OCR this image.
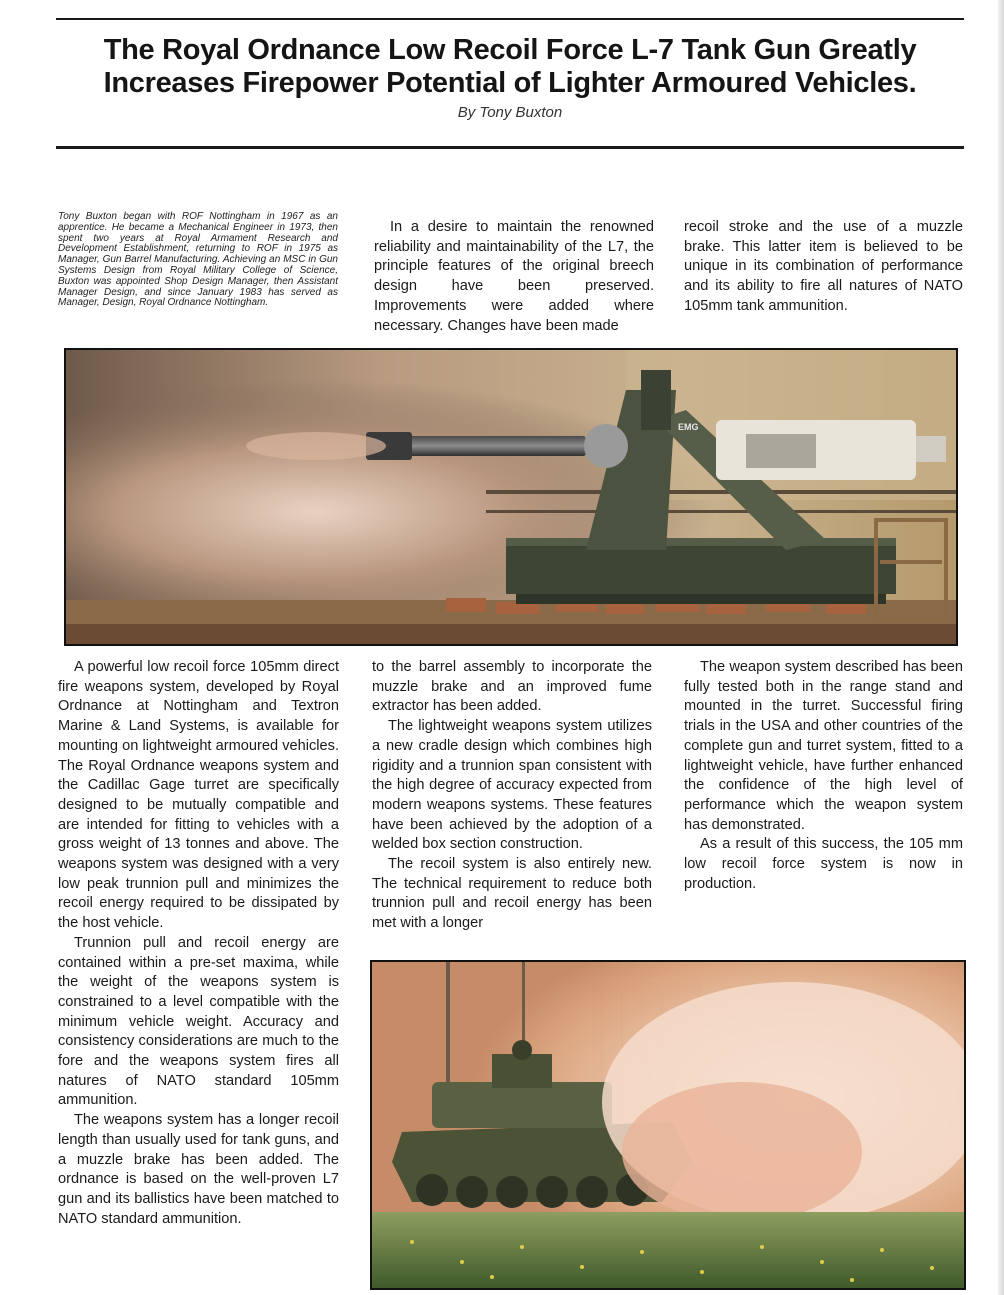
The Royal Ordnance Low Recoil Force L-7 Tank Gun Greatly Increases Firepower Potential of Lighter Armoured Vehicles.
By Tony Buxton
Tony Buxton began with ROF Nottingham in 1967 as an apprentice. He became a Mechanical Engineer in 1973, then spent two years at Royal Armament Research and Development Establishment, returning to ROF in 1975 as Manager, Gun Barrel Manufacturing. Achieving an MSC in Gun Systems Design from Royal Military College of Science, Buxton was appointed Shop Design Manager, then Assistant Manager Design, and since January 1983 has served as Manager, Design, Royal Ordnance Nottingham.

In a desire to maintain the renowned reliability and maintainability of the L7, the principle features of the original breech design have been preserved. Improvements were added where necessary. Changes have been made

recoil stroke and the use of a muzzle brake. This latter item is believed to be unique in its combination of performance and its ability to fire all natures of NATO 105mm tank ammunition.

EMG

A powerful low recoil force 105mm direct fire weapons system, developed by Royal Ordnance at Nottingham and Textron Marine & Land Systems, is available for mounting on lightweight armoured vehicles. The Royal Ordnance weapons system and the Cadillac Gage turret are specifically designed to be mutually compatible and are intended for fitting to vehicles with a gross weight of 13 tonnes and above. The weapons system was designed with a very low peak trunnion pull and minimizes the recoil energy required to be dissipated by the host vehicle.

Trunnion pull and recoil energy are contained within a pre-set maxima, while the weight of the weapons system is constrained to a level compatible with the minimum vehicle weight. Accuracy and consistency considerations are much to the fore and the weapons system fires all natures of NATO standard 105mm ammunition.

The weapons system has a longer recoil length than usually used for tank guns, and a muzzle brake has been added. The ordnance is based on the well-proven L7 gun and its ballistics have been matched to NATO standard ammunition.

to the barrel assembly to incorporate the muzzle brake and an improved fume extractor has been added.

The lightweight weapons system utilizes a new cradle design which combines high rigidity and a trunnion span consistent with the high degree of accuracy expected from modern weapons systems. These features have been achieved by the adoption of a welded box section construction.

The recoil system is also entirely new. The technical requirement to reduce both trunnion pull and recoil energy has been met with a longer

The weapon system described has been fully tested both in the range stand and mounted in the turret. Successful firing trials in the USA and other countries of the complete gun and turret system, fitted to a lightweight vehicle, have further enhanced the confidence of the high level of performance which the weapon system has demonstrated.

As a result of this success, the 105 mm low recoil force system is now in production.
